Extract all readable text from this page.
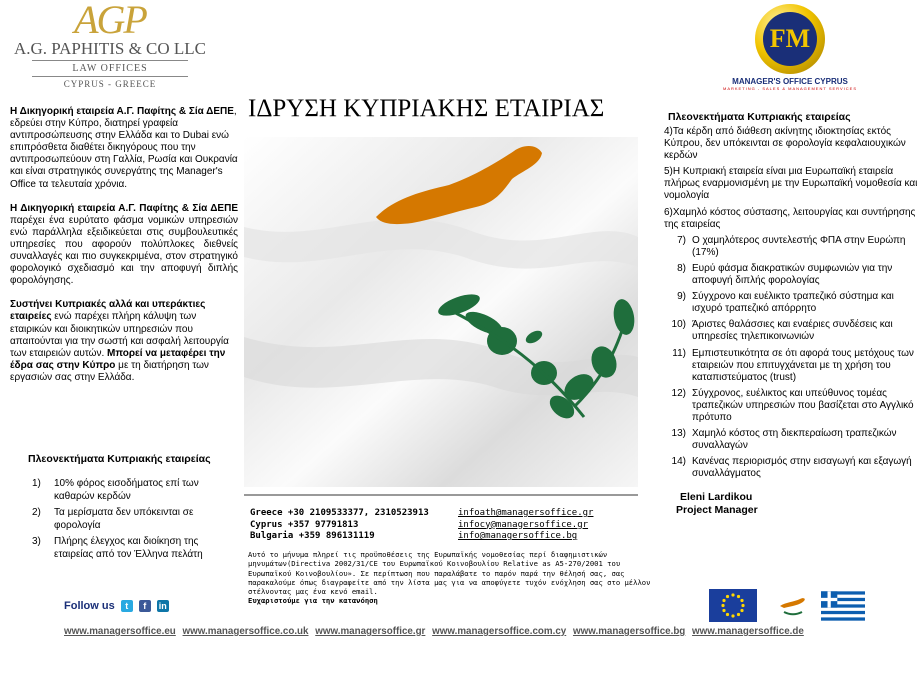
AGP
A.G. PAPHITIS & CO LLC
LAW OFFICES
CYPRUS - GREECE
FM
MANAGER'S OFFICE CYPRUS
MARKETING - SALES & MANAGEMENT SERVICES

Η Δικηγορική εταιρεία Α.Γ. Παφίτης & Σία ΔΕΠΕ, εδρεύει στην Κύπρο, διατηρεί γραφεία αντιπροσώπευσης στην Ελλάδα και το Dubai ενώ επιπρόσθετα διαθέτει δικηγόρους που την αντιπροσωπεύουν στη Γαλλία, Ρωσία και Ουκρανία και είναι στρατηγικός συνεργάτης της Manager's Office τα τελευταία χρόνια.

Η Δικηγορική εταιρεία Α.Γ. Παφίτης & Σία ΔΕΠΕ παρέχει ένα ευρύτατο φάσμα νομικών υπηρεσιών ενώ παράλληλα εξειδικεύεται στις συμβουλευτικές υπηρεσίες που αφορούν πολύπλοκες διεθνείς συναλλαγές και πιο συγκεκριμένα, στον στρατηγικό φορολογικό σχεδιασμό και την αποφυγή διπλής φορολόγησης.

Συστήνει Κυπριακές αλλά και υπεράκτιες εταιρείες ενώ παρέχει πλήρη κάλυψη των εταιρικών και διοικητικών υπηρεσιών που απαιτούνται για την σωστή και ασφαλή λειτουργία των εταιρειών αυτών. Μπορεί να μεταφέρει την έδρα σας στην Κύπρο με τη διατήρηση των εργασιών σας στην Ελλάδα.

Πλεονεκτήματα Κυπριακής εταιρείας
1)	10% φόρος εισοδήματος επί των καθαρών κερδών
2)	Τα μερίσματα δεν υπόκεινται σε φορολογία
3)	Πλήρης έλεγχος και διοίκηση της εταιρείας από τον Έλληνα πελάτη
ΙΔΡΥΣΗ ΚΥΠΡΙΑΚΗΣ ΕΤΑΙΡΙΑΣ	Πλεονεκτήματα Κυπριακής εταιρείας
4)Τα κέρδη από διάθεση ακίνητης ιδιοκτησίας εκτός Κύπρου, δεν υπόκεινται σε φορολογία κεφαλαιουχικών κερδών
5)Η Κυπριακή εταιρεία είναι μια Ευρωπαϊκή εταιρεία πλήρως εναρμονισμένη με την Ευρωπαϊκή νομοθεσία και νομολογία
6)Χαμηλό κόστος σύστασης, λειτουργίας και συντήρησης της εταιρείας
7) Ο χαμηλότερος συντελεστής ΦΠΑ στην Ευρώπη (17%)
8) Ευρύ φάσμα διακρατικών συμφωνιών για την αποφυγή διπλής φορολογίας
9) Σύγχρονο και ευέλικτο τραπεζικό σύστημα και ισχυρό τραπεζικό απόρρητο
10) Άριστες θαλάσσιες και εναέριες συνδέσεις και υπηρεσίες τηλεπικοινωνιών
11) Εμπιστευτικότητα σε ότι αφορά τους μετόχους των εταιρειών που επιτυγχάνεται με τη χρήση του καταπιστεύματος (trust)
12) Σύγχρονος, ευέλικτος και υπεύθυνος τομέας τραπεζικών υπηρεσιών που βασίζεται στο Αγγλικό πρότυπο
13) Χαμηλό κόστος στη διεκπεραίωση τραπεζικών συναλλαγών
14) Κανένας περιορισμός στην εισαγωγή και εξαγωγή συναλλάγματος
Eleni Lardikou
Project Manager
Greece +30 2109533377, 2310523913	infoath@managersoffice.gr
Cyprus +357 97791813	infocy@managersoffice.gr
Bulgaria +359 896131119	info@managersoffice.bg
Αυτό το μήνυμα πληρεί τις προϋποθέσεις της Ευρωπαϊκής νομοθεσίας περί διαφημιστικών μηνυμάτων(Directiva 2002/31/CE του Ευρωπαϊκού Κοινοβουλίου Relative as A5-270/2001 του Ευρωπαϊκού Κοινοβουλίου». Σε περίπτωση που παραλάβατε το παρόν παρά την θέλησή σας, σας παρακαλούμε όπως διαγραφείτε από την λίστα μας για να αποφύγετε τυχόν ενόχληση σας στο μέλλον στέλνοντας μας ένα κενό email.
Ευχαριστούμε για την κατανόηση
Follow us	t	f	in
www.managersoffice.eu www.managersoffice.co.uk www.managersoffice.gr www.managersoffice.com.cy www.managersoffice.bg www.managersoffice.de
